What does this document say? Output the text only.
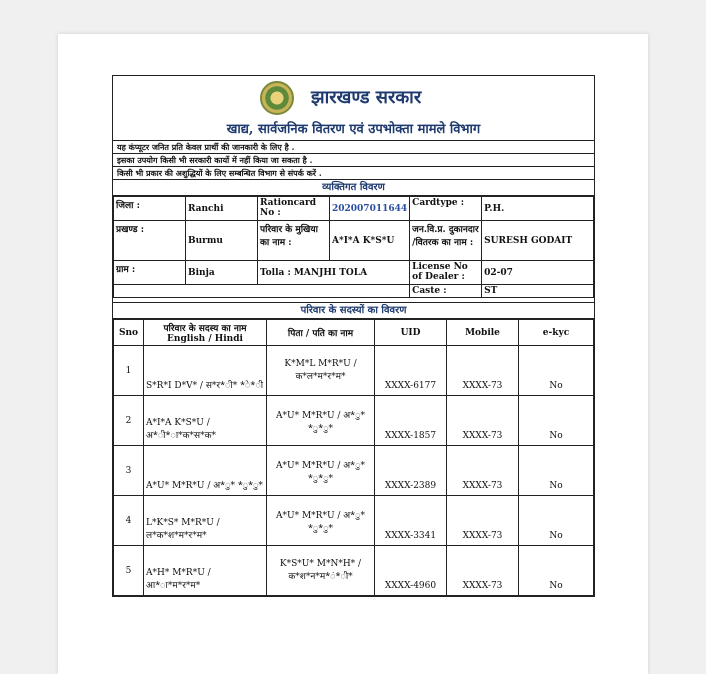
झारखण्ड सरकार
खाद्य, सार्वजनिक वितरण एवं उपभोक्ता मामले विभाग
यह कंप्यूटर जनित प्रति केवल प्रार्थी की जानकारी के लिए है .
इसका उपयोग किसी भी सरकारी कार्यो में नहीं किया जा सकता है .
किसी भी प्रकार की अशुद्धियों के लिए सम्बन्धित विभाग से संपर्क करें .
व्यक्तिगत विवरण
जिला :	Ranchi	Rationcard No :	202007011644	Cardtype :	P.H.
प्रखण्ड :	Burmu	परिवार के मुखिया का नाम :	A*I*A K*S*U	जन.वि.प्र. दुकानदार /वितरक का नाम :	SURESH GODAIT
ग्राम :	Binja	Tolla : MANJHI TOLA		License No of Dealer :	02-07
				Caste :	ST
परिवार के सदस्यों का विवरण
Sno	परिवार के सदस्य का नाम English / Hindi	पिता / पति का नाम	UID	Mobile	e-kyc
1	S*R*I D*V* / स*र*ी* *े*ी	K*M*L M*R*U / क*ल*म*र*म*	XXXX-6177	XXXX-73	No
2	A*I*A K*S*U / अ*ी*ा*क*स*क*	A*U* M*R*U / अ*ु* *ु*ु*	XXXX-1857	XXXX-73	No
3	A*U* M*R*U / अ*ु* *ु*ु*	A*U* M*R*U / अ*ु* *ु*ु*	XXXX-2389	XXXX-73	No
4	L*K*S* M*R*U / ल*क*श*म*र*म*	A*U* M*R*U / अ*ु* *ु*ु*	XXXX-3341	XXXX-73	No
5	A*H* M*R*U / आ*ा*म*र*म*	K*S*U* M*N*H* / क*श*न*म*ं*ी*	XXXX-4960	XXXX-73	No
